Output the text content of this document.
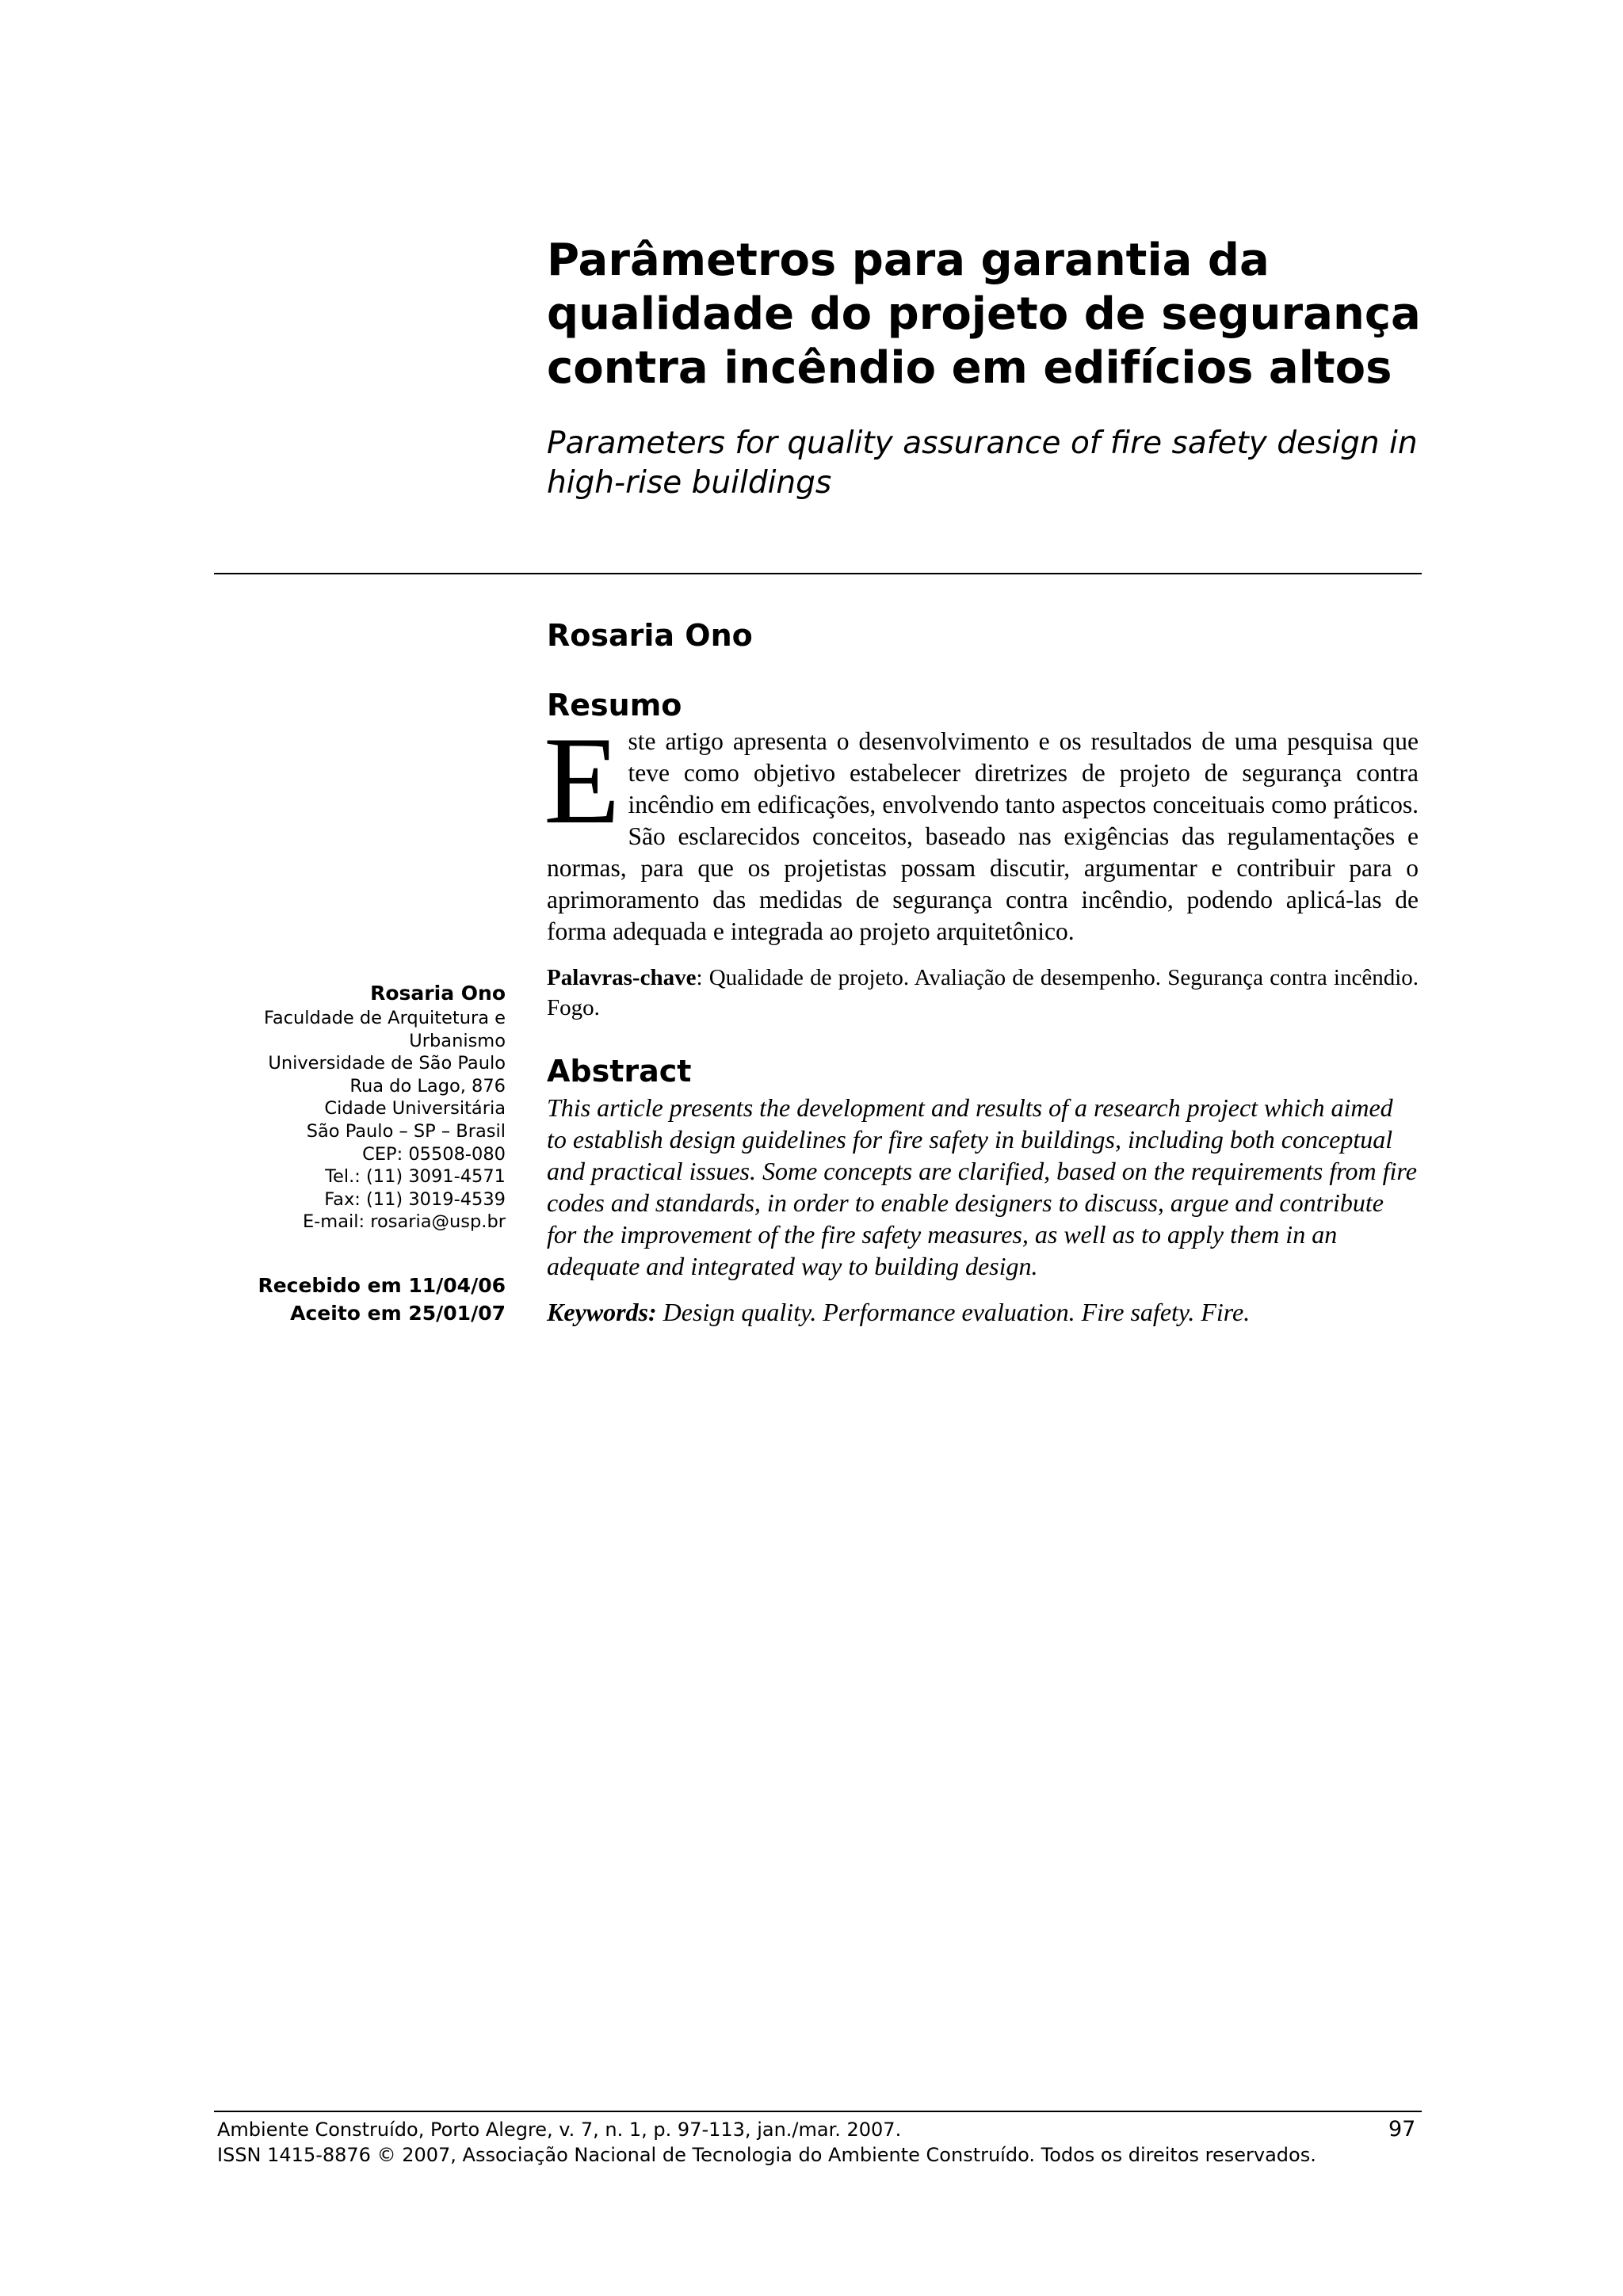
Parâmetros para garantia da
qualidade do projeto de segurança
contra incêndio em edifícios altos

Parameters for quality assurance of fire safety design in
high-rise buildings

Rosaria Ono
Resumo
Este artigo apresenta o desenvolvimento e os resultados de uma pesquisa que teve como objetivo estabelecer diretrizes de projeto de segurança contra incêndio em edificações, envolvendo tanto aspectos conceituais como práticos. São esclarecidos conceitos, baseado nas exigências das regulamentações e normas, para que os projetistas possam discutir, argumentar e contribuir para o aprimoramento das medidas de segurança contra incêndio, podendo aplicá-las de forma adequada e integrada ao projeto arquitetônico.
Palavras-chave: Qualidade de projeto. Avaliação de desempenho. Segurança contra incêndio. Fogo.
Abstract
This article presents the development and results of a research project which aimed to establish design guidelines for fire safety in buildings, including both conceptual and practical issues. Some concepts are clarified, based on the requirements from fire codes and standards, in order to enable designers to discuss, argue and contribute for the improvement of the fire safety measures, as well as to apply them in an adequate and integrated way to building design.
Keywords: Design quality. Performance evaluation. Fire safety. Fire.
Rosaria Ono
Faculdade de Arquitetura e
Urbanismo
Universidade de São Paulo
Rua do Lago, 876
Cidade Universitária
São Paulo – SP – Brasil
CEP: 05508-080
Tel.: (11) 3091-4571
Fax: (11) 3019-4539
E-mail: rosaria@usp.br
Recebido em 11/04/06
Aceito em 25/01/07
Ambiente Construído, Porto Alegre, v. 7, n. 1, p. 97-113, jan./mar. 2007.
ISSN 1415-8876 © 2007, Associação Nacional de Tecnologia do Ambiente Construído. Todos os direitos reservados.
97
